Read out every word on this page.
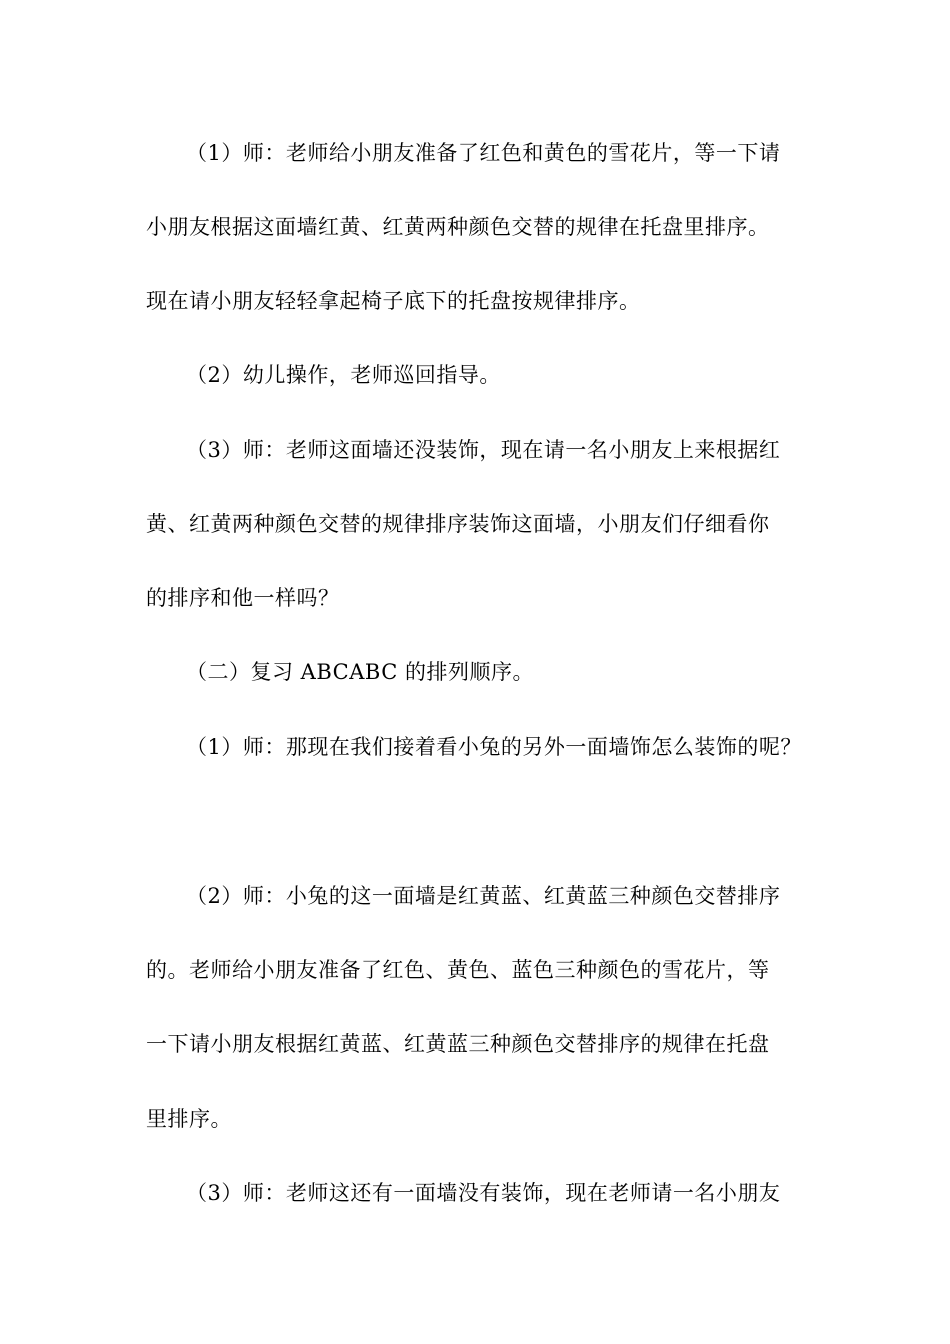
（1）师：老师给小朋友准备了红色和黄色的雪花片，等一下请
小朋友根据这面墙红黄、红黄两种颜色交替的规律在托盘里排序。
现在请小朋友轻轻拿起椅子底下的托盘按规律排序。
（2）幼儿操作，老师巡回指导。
（3）师：老师这面墙还没装饰，现在请一名小朋友上来根据红
黄、红黄两种颜色交替的规律排序装饰这面墙，小朋友们仔细看你
的排序和他一样吗？
（二）复习 ABCABC 的排列顺序。
（1）师：那现在我们接着看小兔的另外一面墙饰怎么装饰的呢？
（2）师：小兔的这一面墙是红黄蓝、红黄蓝三种颜色交替排序
的。老师给小朋友准备了红色、黄色、蓝色三种颜色的雪花片，等
一下请小朋友根据红黄蓝、红黄蓝三种颜色交替排序的规律在托盘
里排序。
（3）师：老师这还有一面墙没有装饰，现在老师请一名小朋友
